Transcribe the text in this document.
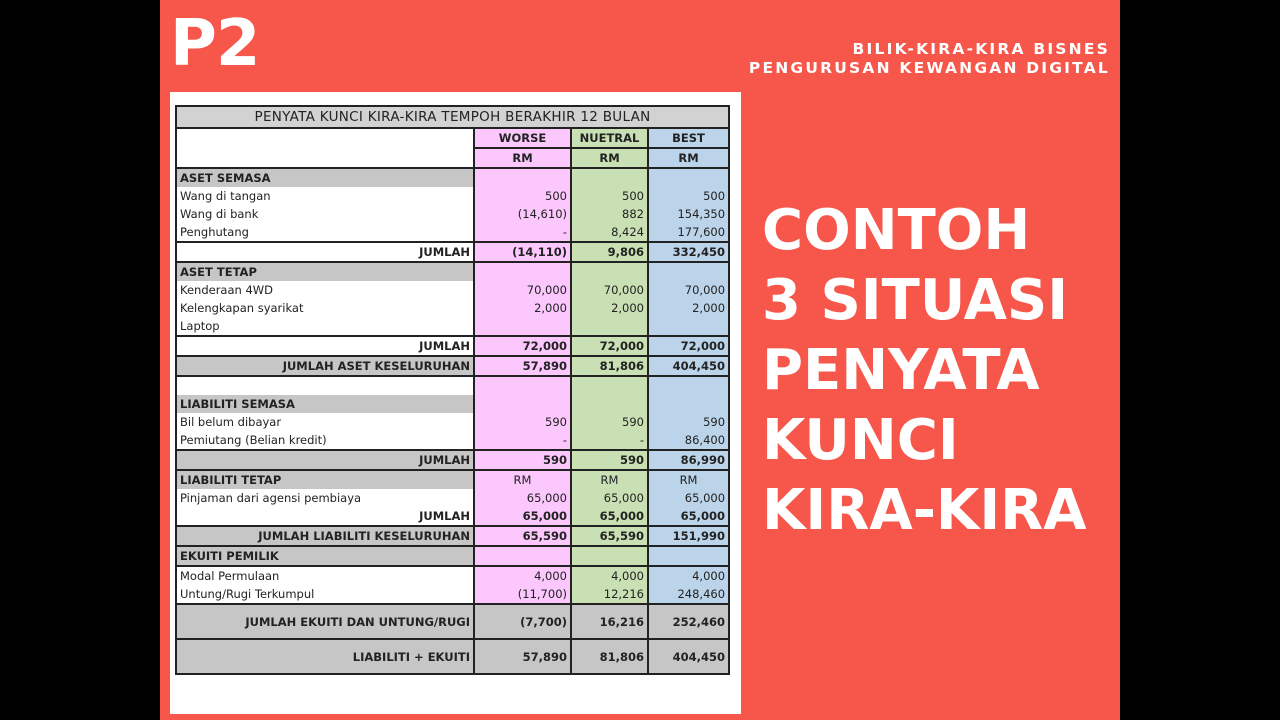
P2	BILIK-KIRA-KIRA BISNES
PENGURUSAN KEWANGAN DIGITAL
CONTOH
3 SITUASI
PENYATA
KUNCI
KIRA-KIRA
PENYATA KUNCI KIRA-KIRA TEMPOH BERAKHIR 12 BULAN			
	WORSE	NUETRAL	BEST
	RM	RM	RM
ASET SEMASA			
Wang di tangan	500	500	500
Wang di bank	(14,610)	882	154,350
Penghutang	-	8,424	177,600
JUMLAH	(14,110)	9,806	332,450
ASET TETAP			
Kenderaan 4WD	70,000	70,000	70,000
Kelengkapan syarikat	2,000	2,000	2,000
Laptop			
JUMLAH	72,000	72,000	72,000
JUMLAH ASET KESELURUHAN	57,890	81,806	404,450

LIABILITI SEMASA			
Bil belum dibayar	590	590	590
Pemiutang (Belian kredit)	-	-	86,400
JUMLAH	590	590	86,990
LIABILITI TETAP	RM	RM	RM
Pinjaman dari agensi pembiaya	65,000	65,000	65,000
JUMLAH	65,000	65,000	65,000
JUMLAH LIABILITI KESELURUHAN	65,590	65,590	151,990
EKUITI PEMILIK			
Modal Permulaan	4,000	4,000	4,000
Untung/Rugi Terkumpul	(11,700)	12,216	248,460
JUMLAH EKUITI DAN UNTUNG/RUGI	(7,700)	16,216	252,460
LIABILITI + EKUITI	57,890	81,806	404,450
